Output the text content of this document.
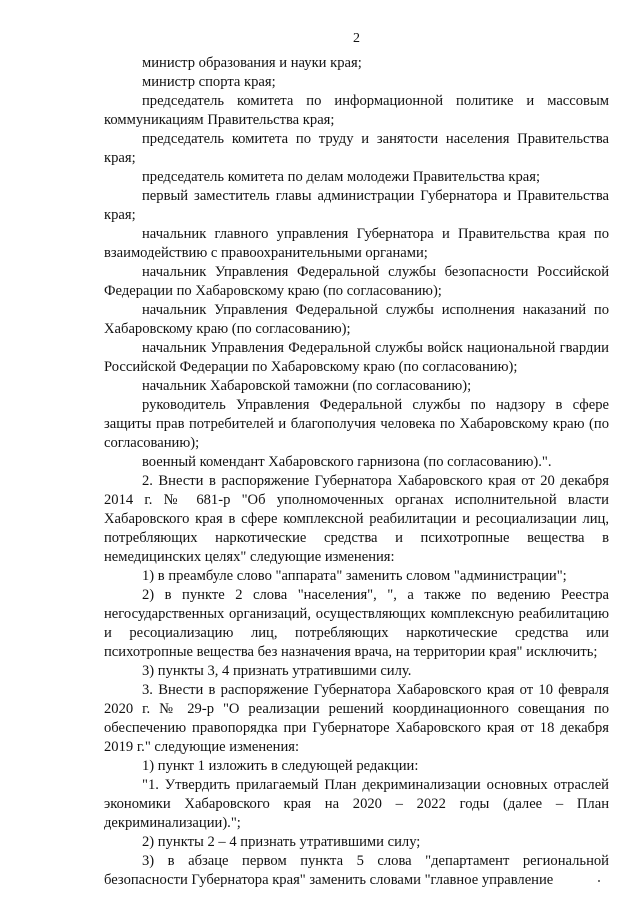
2

министр образования и науки края;

министр спорта края;

председатель комитета по информационной политике и массовым коммуникациям Правительства края;

председатель комитета по труду и занятости населения Правительства края;

председатель комитета по делам молодежи Правительства края;

первый заместитель главы администрации Губернатора и Правительства края;

начальник главного управления Губернатора и Правительства края по взаимодействию с правоохранительными органами;

начальник Управления Федеральной службы безопасности Российской Федерации по Хабаровскому краю (по согласованию);

начальник Управления Федеральной службы исполнения наказаний по Хабаровскому краю (по согласованию);

начальник Управления Федеральной службы войск национальной гвардии Российской Федерации по Хабаровскому краю (по согласованию);

начальник Хабаровской таможни (по согласованию);

руководитель Управления Федеральной службы по надзору в сфере защиты прав потребителей и благополучия человека по Хабаровскому краю (по согласованию);

военный комендант Хабаровского гарнизона (по согласованию).".

2. Внести в распоряжение Губернатора Хабаровского края от 20 декабря 2014 г. № 681-р "Об уполномоченных органах исполнительной власти Хабаровского края в сфере комплексной реабилитации и ресоциализации лиц, потребляющих наркотические средства и психотропные вещества в немедицинских целях" следующие изменения:

1) в преамбуле слово "аппарата" заменить словом "администрации";

2) в пункте 2 слова "населения", ", а также по ведению Реестра негосударственных организаций, осуществляющих комплексную реабилитацию и ресоциализацию лиц, потребляющих наркотические средства или психотропные вещества без назначения врача, на территории края" исключить;

3) пункты 3, 4 признать утратившими силу.

3. Внести в распоряжение Губернатора Хабаровского края от 10 февраля 2020 г. № 29-р "О реализации решений координационного совещания по обеспечению правопорядка при Губернаторе Хабаровского края от 18 декабря 2019 г." следующие изменения:

1) пункт 1 изложить в следующей редакции:

"1. Утвердить прилагаемый План декриминализации основных отраслей экономики Хабаровского края на 2020 – 2022 годы (далее – План декриминализации).";

2) пункты 2 – 4 признать утратившими силу;

3) в абзаце первом пункта 5 слова "департамент региональной безопасности Губернатора края" заменить словами "главное управление
